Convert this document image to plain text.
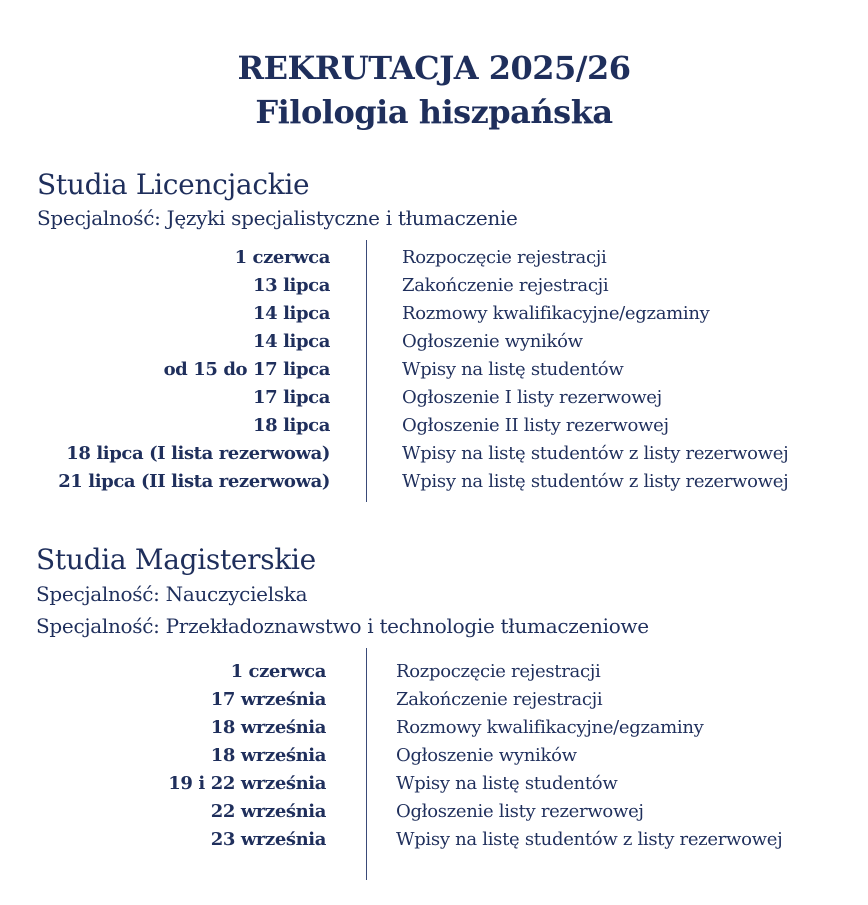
REKRUTACJA 2025/26
Filologia hiszpańska
Studia Licencjackie
Specjalność: Języki specjalistyczne i tłumaczenie
1 czerwca	Rozpoczęcie rejestracji
13 lipca	Zakończenie rejestracji
14 lipca	Rozmowy kwalifikacyjne/egzaminy
14 lipca	Ogłoszenie wyników
od 15 do 17 lipca	Wpisy na listę studentów
17 lipca	Ogłoszenie I listy rezerwowej
18 lipca	Ogłoszenie II listy rezerwowej
18 lipca (I lista rezerwowa)	Wpisy na listę studentów z listy rezerwowej
21 lipca (II lista rezerwowa)	Wpisy na listę studentów z listy rezerwowej
Studia Magisterskie
Specjalność: Nauczycielska
Specjalność: Przekładoznawstwo i technologie tłumaczeniowe
1 czerwca	Rozpoczęcie rejestracji
17 września	Zakończenie rejestracji
18 września	Rozmowy kwalifikacyjne/egzaminy
18 września	Ogłoszenie wyników
19 i 22 września	Wpisy na listę studentów
22 września	Ogłoszenie listy rezerwowej
23 września	Wpisy na listę studentów z listy rezerwowej
